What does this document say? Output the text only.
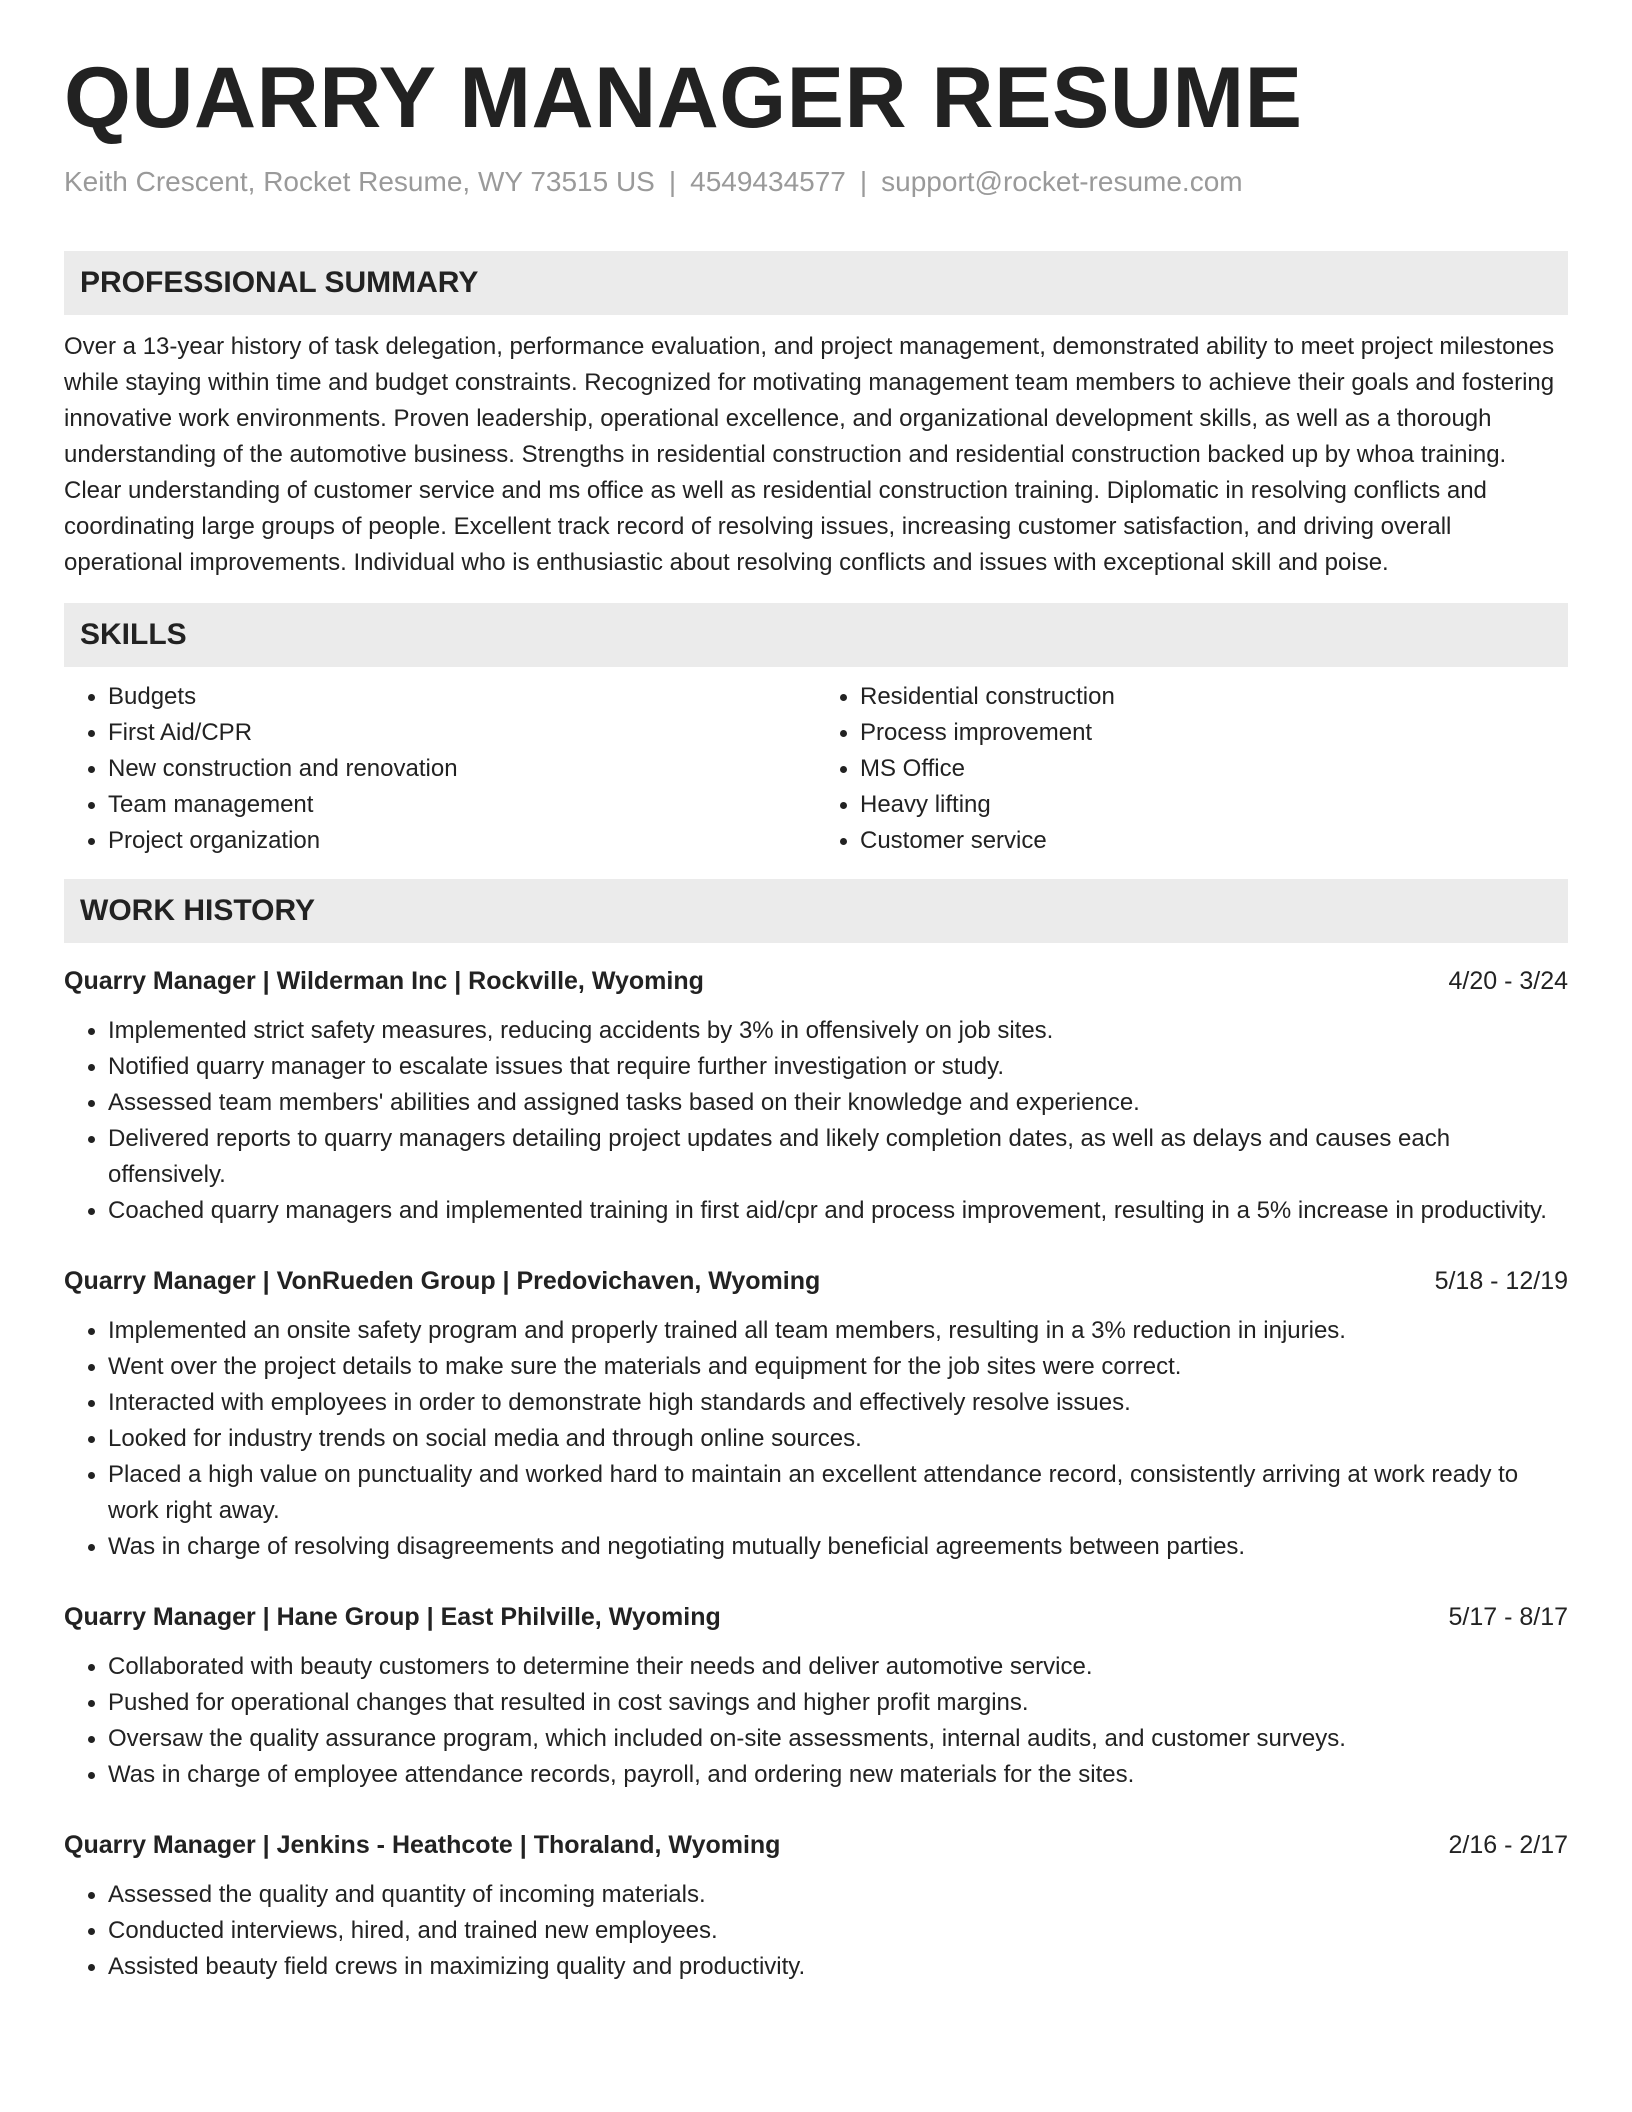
QUARRY MANAGER RESUME
Keith Crescent, Rocket Resume, WY 73515 US | 4549434577 | support@rocket-resume.com
PROFESSIONAL SUMMARY
Over a 13-year history of task delegation, performance evaluation, and project management, demonstrated ability to meet project milestones while staying within time and budget constraints. Recognized for motivating management team members to achieve their goals and fostering innovative work environments. Proven leadership, operational excellence, and organizational development skills, as well as a thorough understanding of the automotive business. Strengths in residential construction and residential construction backed up by whoa training. Clear understanding of customer service and ms office as well as residential construction training. Diplomatic in resolving conflicts and coordinating large groups of people. Excellent track record of resolving issues, increasing customer satisfaction, and driving overall operational improvements. Individual who is enthusiastic about resolving conflicts and issues with exceptional skill and poise.
SKILLS
• Budgets
• First Aid/CPR
• New construction and renovation
• Team management
• Project organization
• Residential construction
• Process improvement
• MS Office
• Heavy lifting
• Customer service
WORK HISTORY
Quarry Manager | Wilderman Inc | Rockville, Wyoming	4/20 - 3/24
• Implemented strict safety measures, reducing accidents by 3% in offensively on job sites.
• Notified quarry manager to escalate issues that require further investigation or study.
• Assessed team members' abilities and assigned tasks based on their knowledge and experience.
• Delivered reports to quarry managers detailing project updates and likely completion dates, as well as delays and causes each offensively.
• Coached quarry managers and implemented training in first aid/cpr and process improvement, resulting in a 5% increase in productivity.
Quarry Manager | VonRueden Group | Predovichaven, Wyoming	5/18 - 12/19
• Implemented an onsite safety program and properly trained all team members, resulting in a 3% reduction in injuries.
• Went over the project details to make sure the materials and equipment for the job sites were correct.
• Interacted with employees in order to demonstrate high standards and effectively resolve issues.
• Looked for industry trends on social media and through online sources.
• Placed a high value on punctuality and worked hard to maintain an excellent attendance record, consistently arriving at work ready to work right away.
• Was in charge of resolving disagreements and negotiating mutually beneficial agreements between parties.
Quarry Manager | Hane Group | East Philville, Wyoming	5/17 - 8/17
• Collaborated with beauty customers to determine their needs and deliver automotive service.
• Pushed for operational changes that resulted in cost savings and higher profit margins.
• Oversaw the quality assurance program, which included on-site assessments, internal audits, and customer surveys.
• Was in charge of employee attendance records, payroll, and ordering new materials for the sites.
Quarry Manager | Jenkins - Heathcote | Thoraland, Wyoming	2/16 - 2/17
• Assessed the quality and quantity of incoming materials.
• Conducted interviews, hired, and trained new employees.
• Assisted beauty field crews in maximizing quality and productivity.
